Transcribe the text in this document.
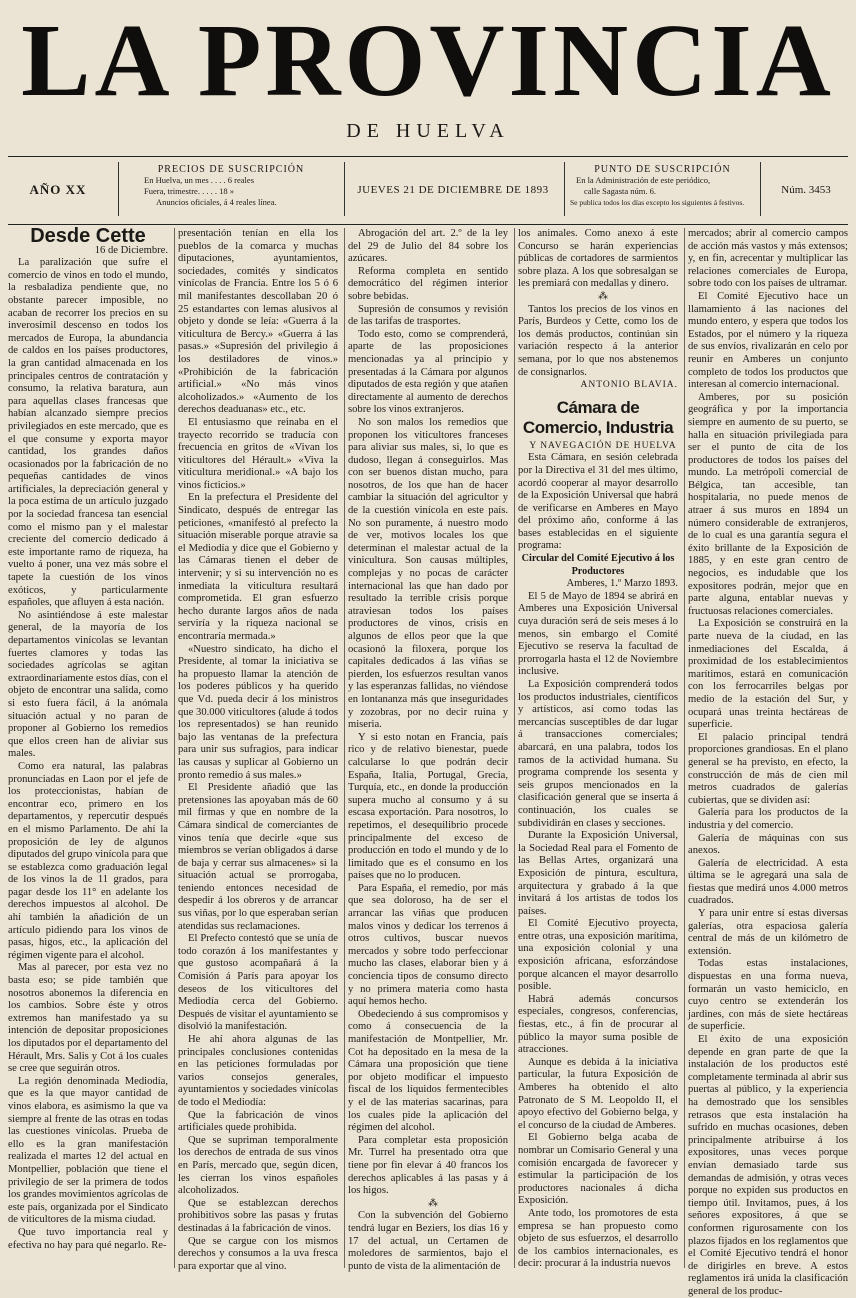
LA PROVINCIA
DE HUELVA
AÑO XX
PRECIOS DE SUSCRIPCIÓN
En Huelva, un mes . . . . 6 reales
Fuera, trimestre. . . . . 18 »
Anuncios oficiales, á 4 reales línea.
JUEVES 21 DE DICIEMBRE DE 1893
PUNTO DE SUSCRIPCIÓN
En la Administración de este periódico,
calle Sagasta núm. 6.
Se publica todos los días excepto los siguientes á festivos.
Núm. 3453
Desde Cette

16 de Diciembre.

La paralización que sufre el comercio de vinos en todo el mundo, la resbaladiza pendiente que, no obstante parecer imposible, no acaban de recorrer los precios en su inverosímil descenso en todos los mercados de Europa, la abundancia de caldos en los países productores, la gran cantidad almacenada en los principales centros de contratación y consumo, la relativa baratura, aun para aquellas clases francesas que habían alcanzado siempre precios privilegiados en este mercado, que es el que consume y exporta mayor cantidad, los grandes daños ocasionados por la fabricación de no pequeñas cantidades de vinos artificiales, la depreciación general y la poca estima de un artículo juzgado por la sociedad francesa tan esencial como el mismo pan y el malestar creciente del comercio dedicado á este importante ramo de riqueza, ha vuelto á poner, una vez más sobre el tapete la cuestión de los vinos exóticos, y particularmente españoles, que afluyen á esta nación.

No asintiéndose á este malestar general, de la mayoría de los departamentos vinícolas se levantan fuertes clamores y todas las sociedades agrícolas se agitan extraordinariamente estos días, con el objeto de encontrar una salida, como si esto fuera fácil, á la anómala situación actual y no paran de proponer al Gobierno los remedios que ellos creen han de aliviar sus males.

Como era natural, las palabras pronunciadas en Laon por el jefe de los proteccionistas, habían de encontrar eco, primero en los departamentos, y repercutir después en el mismo Parlamento. De ahí la proposición de ley de algunos diputados del grupo vinícola para que se establezca como graduación legal de los vinos la de 11 grados, para pagar desde los 11° en adelante los derechos impuestos al alcohol. De ahí también la añadición de un artículo pidiendo para los vinos de pasas, higos, etc., la aplicación del régimen vigente para el alcohol.

Mas al parecer, por esta vez no basta eso; se pide también que nosotros abonemos la diferencia en los cambios. Sobre éste y otros extremos han manifestado ya su intención de depositar proposiciones los diputados por el departamento del Hérault, Mrs. Salis y Cot á los cuales se cree que seguirán otros.

La región denominada Mediodía, que es la que mayor cantidad de vinos elabora, es asimismo la que va siempre al frente de las otras en todas las cuestiones vinícolas. Prueba de ello es la gran manifestación realizada el martes 12 del actual en Montpellier, población que tiene el privilegio de ser la primera de todos los grandes movimientos agrícolas de este país, organizada por el Sindicato de viticultores de la misma ciudad.

Que tuvo importancia real y efectiva no hay para qué negarlo. Re-

presentación tenían en ella los pueblos de la comarca y muchas diputaciones, ayuntamientos, sociedades, comités y sindicatos vinícolas de Francia. Entre los 5 ó 6 mil manifestantes descollaban 20 ó 25 estandartes con lemas alusivos al objeto y donde se leía: «Guerra á la viticultura de Bercy.» «Guerra á las pasas.» «Supresión del privilegio á los destiladores de vinos.» «Prohibición de la fabricación artificial.» «No más vinos alcoholizados.» «Aumento de los derechos deaduanas» etc., etc.

El entusiasmo que reinaba en el trayecto recorrido se traducía con frecuencia en gritos de «Vivan los viticultores del Hérault.» «Viva la viticultura meridional.» «A bajo los vinos ficticios.»

En la prefectura el Presidente del Sindicato, después de entregar las peticiones, «manifestó al prefecto la situación miserable porque atravie sa el Mediodía y dice que el Gobierno y las Cámaras tienen el deber de intervenir; y si su intervención no es inmediata la viticultura resultará comprometida. El gran esfuerzo hecho durante largos años de nada serviría y la riqueza nacional se encontraría mermada.»

«Nuestro sindicato, ha dicho el Presidente, al tomar la iniciativa se ha propuesto llamar la atención de los poderes públicos y ha querido que Vd. pueda decir á los ministros que 30.000 viticultores (alude á todos los representados) se han reunido bajo las ventanas de la prefectura para unir sus sufragios, para indicar las causas y suplicar al Gobierno un pronto remedio á sus males.»

El Presidente añadió que las pretensiones las apoyaban más de 60 mil firmas y que en nombre de la Cámara sindical de comerciantes de vinos tenía que decirle «que sus miembros se verían obligados á darse de baja y cerrar sus almacenes» si la situación actual se prorrogaba, teniendo entonces necesidad de despedir á los obreros y de arrancar sus viñas, por lo que esperaban serían atendidas sus reclamaciones.

El Prefecto contestó que se unía de todo corazón á los manifestantes y que gustoso acompañará á la Comisión á París para apoyar los deseos de los viticultores del Mediodía cerca del Gobierno. Después de visitar el ayuntamiento se disolvió la manifestación.

He ahí ahora algunas de las principales conclusiones contenidas en las peticiones formuladas por varios consejos generales, ayuntamientos y sociedades vinícolas de todo el Mediodía:

Que la fabricación de vinos artificiales quede prohibida.

Que se supriman temporalmente los derechos de entrada de sus vinos en París, mercado que, según dicen, les cierran los vinos españoles alcoholizados.

Que se establezcan derechos prohibitivos sobre las pasas y frutas destinadas á la fabricación de vinos.

Que se cargue con los mismos derechos y consumos a la uva fresca para exportar que al vino.

Abrogación del art. 2.º de la ley del 29 de Julio del 84 sobre los azúcares.

Reforma completa en sentido democrático del régimen interior sobre bebidas.

Supresión de consumos y revisión de las tarifas de trasportes.

Todo esto, como se comprenderá, aparte de las proposiciones mencionadas ya al principio y presentadas á la Cámara por algunos diputados de esta región y que atañen directamente al aumento de derechos sobre los vinos extranjeros.

No son malos los remedios que proponen los viticultores franceses para aliviar sus males, si, lo que es dudoso, llegan á conseguirlos. Mas con ser buenos distan mucho, para nosotros, de los que han de hacer cambiar la situación del agricultor y de la cuestión vinícola en este país. No son puramente, á nuestro modo de ver, motivos locales los que determinan el malestar actual de la vinicultura. Son causas múltiples, complejas y no pocas de carácter internacional las que han dado por resultado la terrible crisis porque atraviesan todos los países productores de vinos, crisis en algunos de ellos peor que la que ocasionó la filoxera, porque los capitales dedicados á las viñas se pierden, los esfuerzos resultan vanos y las esperanzas fallidas, no viéndose en lontananza más que inseguridades y zozobras, por no decir ruina y miseria.

Y si esto notan en Francia, país rico y de relativo bienestar, puede calcularse lo que podrán decir España, Italia, Portugal, Grecia, Turquía, etc., en donde la producción supera mucho al consumo y á su escasa exportación. Para nosotros, lo repetimos, el desequilibrio procede principalmente del exceso de producción en todo el mundo y de lo limitado que es el consumo en los países que no lo producen.

Para España, el remedio, por más que sea doloroso, ha de ser el arrancar las viñas que producen malos vinos y dedicar los terrenos á otros cultivos, buscar nuevos mercados y sobre todo perfeccionar mucho las clases, elaborar bien y á conciencia tipos de consumo directo y no primera materia como hasta aquí hemos hecho.

Obedeciendo á sus compromisos y como á consecuencia de la manifestación de Montpellier, Mr. Cot ha depositado en la mesa de la Cámara una proposición que tiene por objeto modificar el impuesto fiscal de los líquidos fermentecibles y el de las materias sacarinas, para los cuales pide la aplicación del régimen del alcohol.

Para completar esta proposición Mr. Turrel ha presentado otra que tiene por fin elevar á 40 francos los derechos aplicables á las pasas y á los higos.

⁂

Con la subvención del Gobierno tendrá lugar en Beziers, los días 16 y 17 del actual, un Certamen de moledores de sarmientos, bajo el punto de vista de la alimentación de

los animales. Como anexo á este Concurso se harán experiencias públicas de cortadores de sarmientos sobre plaza. A los que sobresalgan se les premiará con medallas y dinero.

⁂

Tantos los precios de los vinos en París, Burdeos y Cette, como los de los demás productos, continúan sin variación respecto á la anterior semana, por lo que nos abstenemos de consignarlos.

ANTONIO BLAVIA.

Cámara de Comercio, Industria

Y NAVEGACIÓN DE HUELVA

Esta Cámara, en sesión celebrada por la Directiva el 31 del mes último, acordó cooperar al mayor desarrollo de la Exposición Universal que habrá de verificarse en Amberes en Mayo del próximo año, conforme á las bases establecidas en el siguiente programa:

Circular del Comité Ejecutivo á los Productores

Amberes, 1.º Marzo 1893.

El 5 de Mayo de 1894 se abrirá en Amberes una Exposición Universal cuya duración será de seis meses á lo menos, sin embargo el Comité Ejecutivo se reserva la facultad de prorrogarla hasta el 12 de Noviembre inclusive.

La Exposición comprenderá todos los productos industriales, científicos y artísticos, así como todas las mercancías susceptibles de dar lugar á transacciones comerciales; abarcará, en una palabra, todos los ramos de la actividad humana. Su programa comprende los sesenta y seis grupos mencionados en la clasificación general que se inserta á continuación, los cuales se subdividirán en clases y secciones.

Durante la Exposición Universal, la Sociedad Real para el Fomento de las Bellas Artes, organizará una Exposición de pintura, escultura, arquitectura y grabado á la que invitará á los artistas de todos los países.

El Comité Ejecutivo proyecta, entre otras, una exposición marítima, una exposición colonial y una exposición africana, esforzándose porque alcancen el mayor desarrollo posible.

Habrá además concursos especiales, congresos, conferencias, fiestas, etc., á fin de procurar al público la mayor suma posible de atracciones.

Aunque es debida á la iniciativa particular, la futura Exposición de Amberes ha obtenido el alto Patronato de S M. Leopoldo II, el apoyo efectivo del Gobierno belga, y el concurso de la ciudad de Amberes.

El Gobierno belga acaba de nombrar un Comisario General y una comisión encargada de favorecer y estimular la participación de los productores nacionales á dicha Exposición.

Ante todo, los promotores de esta empresa se han propuesto como objeto de sus esfuerzos, el desarrollo de los cambios internacionales, es decir: procurar á la industria nuevos

mercados; abrir al comercio campos de acción más vastos y más extensos; y, en fin, acrecentar y multiplicar las relaciones comerciales de Europa, sobre todo con los países de ultramar.

El Comité Ejecutivo hace un llamamiento á las naciones del mundo entero, y espera que todos los Estados, por el número y la riqueza de sus envíos, rivalizarán en celo por reunir en Amberes un conjunto completo de todos los productos que interesan al comercio internacional.

Amberes, por su posición geográfica y por la importancia siempre en aumento de su puerto, se halla en situación privilegiada para ser el punto de cita de los productores de todos los países del mundo. La metrópoli comercial de Bélgica, tan accesible, tan hospitalaria, no puede menos de atraer á sus muros en 1894 un número considerable de extranjeros, de lo cual es una garantía segura el éxito brillante de la Exposición de 1885, y en este gran centro de negocios, es indudable que los expositores podrán, mejor que en parte alguna, entablar nuevas y fructuosas relaciones comerciales.

La Exposición se construirá en la parte nueva de la ciudad, en las inmediaciones del Escalda, á proximidad de los establecimientos marítimos, estará en comunicación con los ferrocarriles belgas por medio de la estación del Sur, y ocupará unas treinta hectáreas de superficie.

El palacio principal tendrá proporciones grandiosas. En el plano general se ha previsto, en efecto, la construcción de más de cien mil metros cuadrados de galerías cubiertas, que se dividen así:

Galería para los productos de la industria y del comercio.

Galería de máquinas con sus anexos.

Galería de electricidad. A esta última se le agregará una sala de fiestas que medirá unos 4.000 metros cuadrados.

Y para unir entre sí estas diversas galerías, otra espaciosa galería central de más de un kilómetro de extensión.

Todas estas instalaciones, dispuestas en una forma nueva, formarán un vasto hemiciclo, en cuyo centro se extenderán los jardines, con más de siete hectáreas de superficie.

El éxito de una exposición depende en gran parte de que la instalación de los productos esté completamente terminada al abrir sus puertas al público, y la experiencia ha demostrado que los sensibles retrasos que esta instalación ha sufrido en muchas ocasiones, deben principalmente atribuirse á los expositores, unas veces porque envían demasiado tarde sus demandas de admisión, y otras veces porque no expiden sus productos en tiempo útil. Invitamos, pues, á los señores expositores, á que se conformen rigurosamente con los plazos fijados en los reglamentos que el Comité Ejecutivo tendrá el honor de dirigirles en breve. A estos reglamentos irá unida la clasificación general de los produc-
